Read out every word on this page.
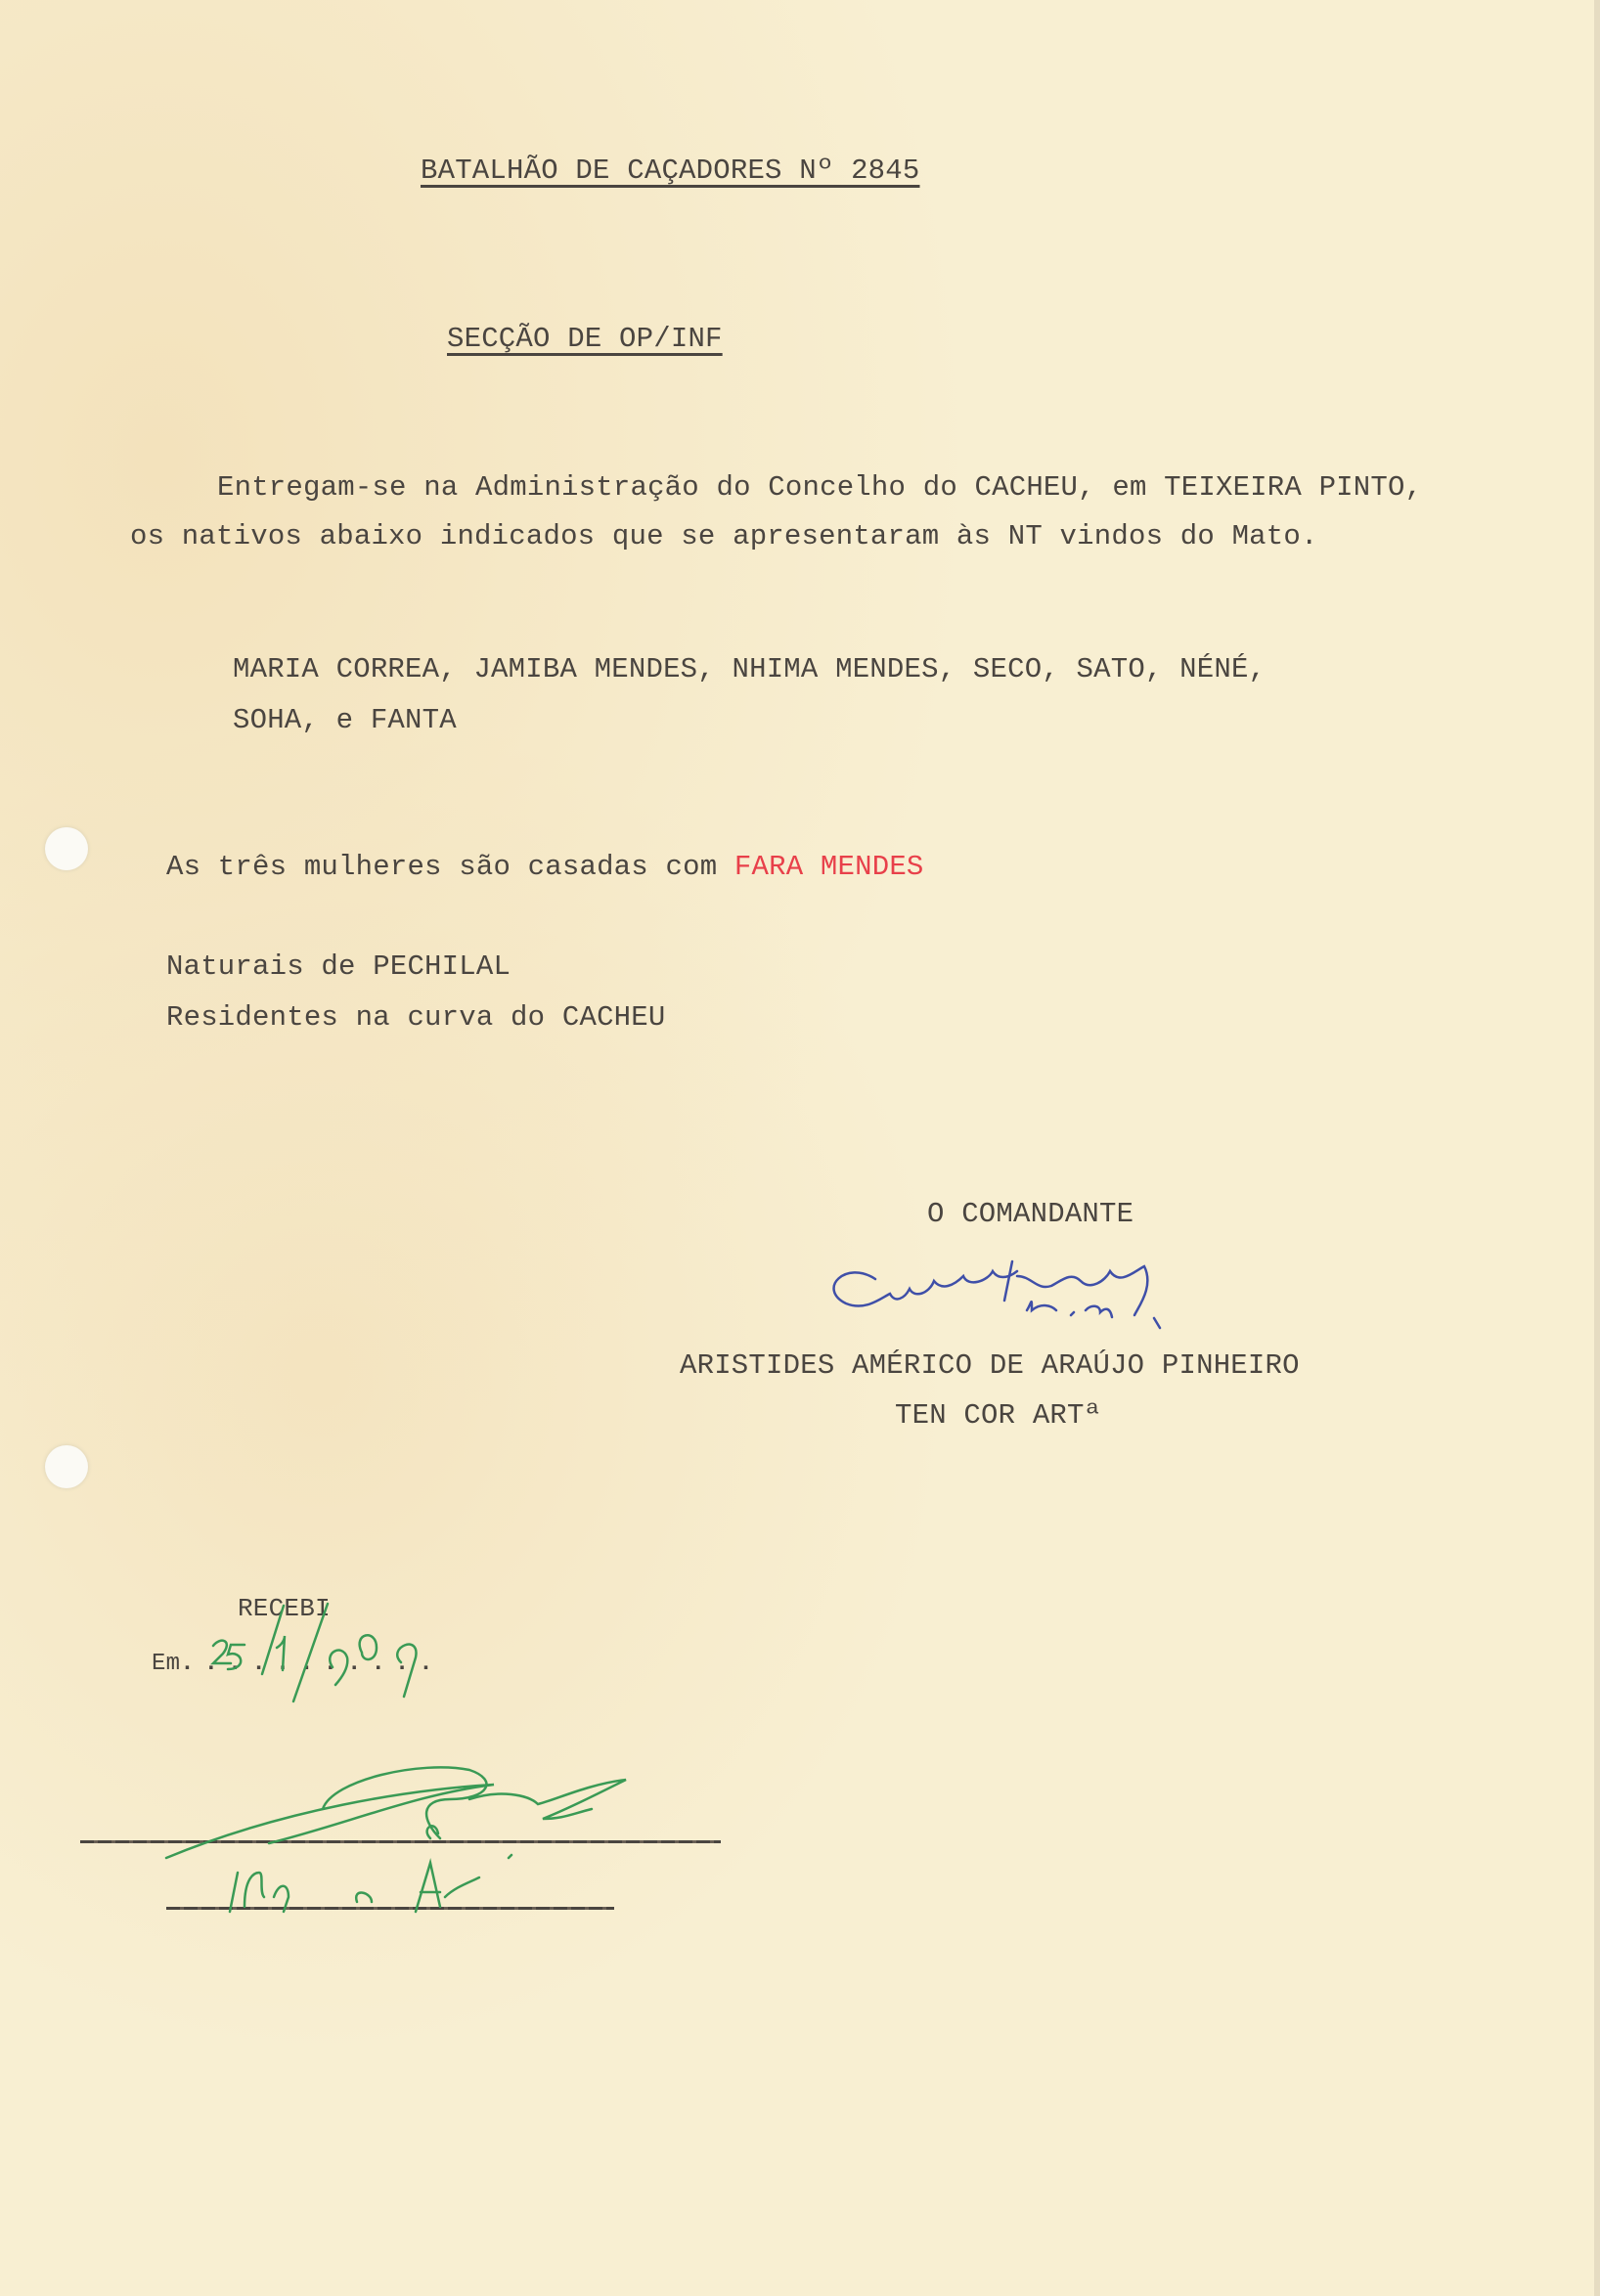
BATALHÃO DE CAÇADORES Nº 2845
SECÇÃO DE OP/INF
Entregam-se na Administração do Concelho do CACHEU, em TEIXEIRA PINTO,
os nativos abaixo indicados que se apresentaram às NT vindos do Mato.
MARIA CORREA, JAMIBA MENDES, NHIMA MENDES, SECO, SATO, NÉNÉ,
SOHA, e FANTA
As três mulheres são casadas com FARA MENDES
Naturais de PECHILAL
Residentes na curva do CACHEU
O COMANDANTE
ARISTIDES AMÉRICO DE ARAÚJO PINHEIRO
TEN COR ARTª
RECEBI
Em...........
